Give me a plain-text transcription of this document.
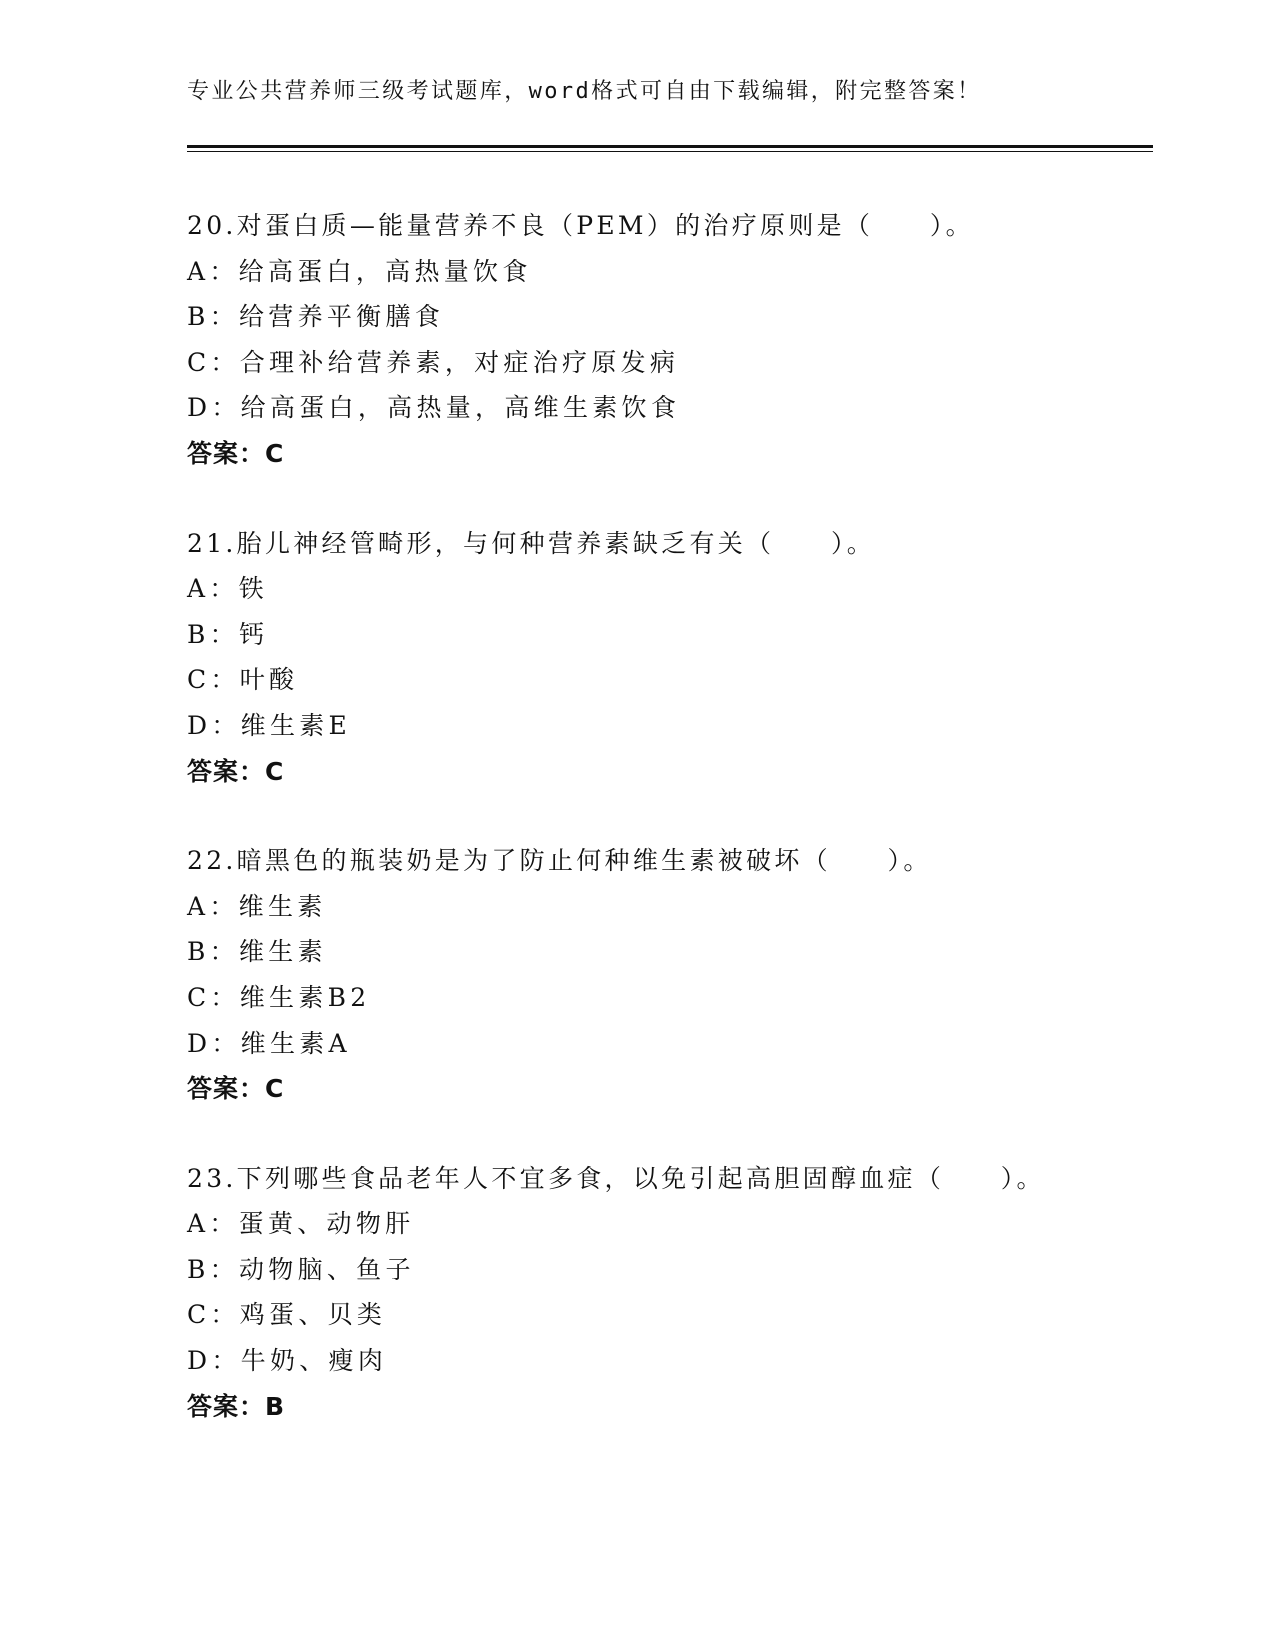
专业公共营养师三级考试题库，word格式可自由下载编辑，附完整答案！
20.对蛋白质—能量营养不良（PEM）的治疗原则是（　　）。
A：给高蛋白，高热量饮食
B：给营养平衡膳食
C：合理补给营养素，对症治疗原发病
D：给高蛋白，高热量，高维生素饮食
答案：C
21.胎儿神经管畸形，与何种营养素缺乏有关（　　）。
A：铁
B：钙
C：叶酸
D：维生素E
答案：C
22.暗黑色的瓶装奶是为了防止何种维生素被破坏（　　）。
A：维生素
B：维生素
C：维生素B2
D：维生素A
答案：C
23.下列哪些食品老年人不宜多食，以免引起高胆固醇血症（　　）。
A：蛋黄、动物肝
B：动物脑、鱼子
C：鸡蛋、贝类
D：牛奶、瘦肉
答案：B
